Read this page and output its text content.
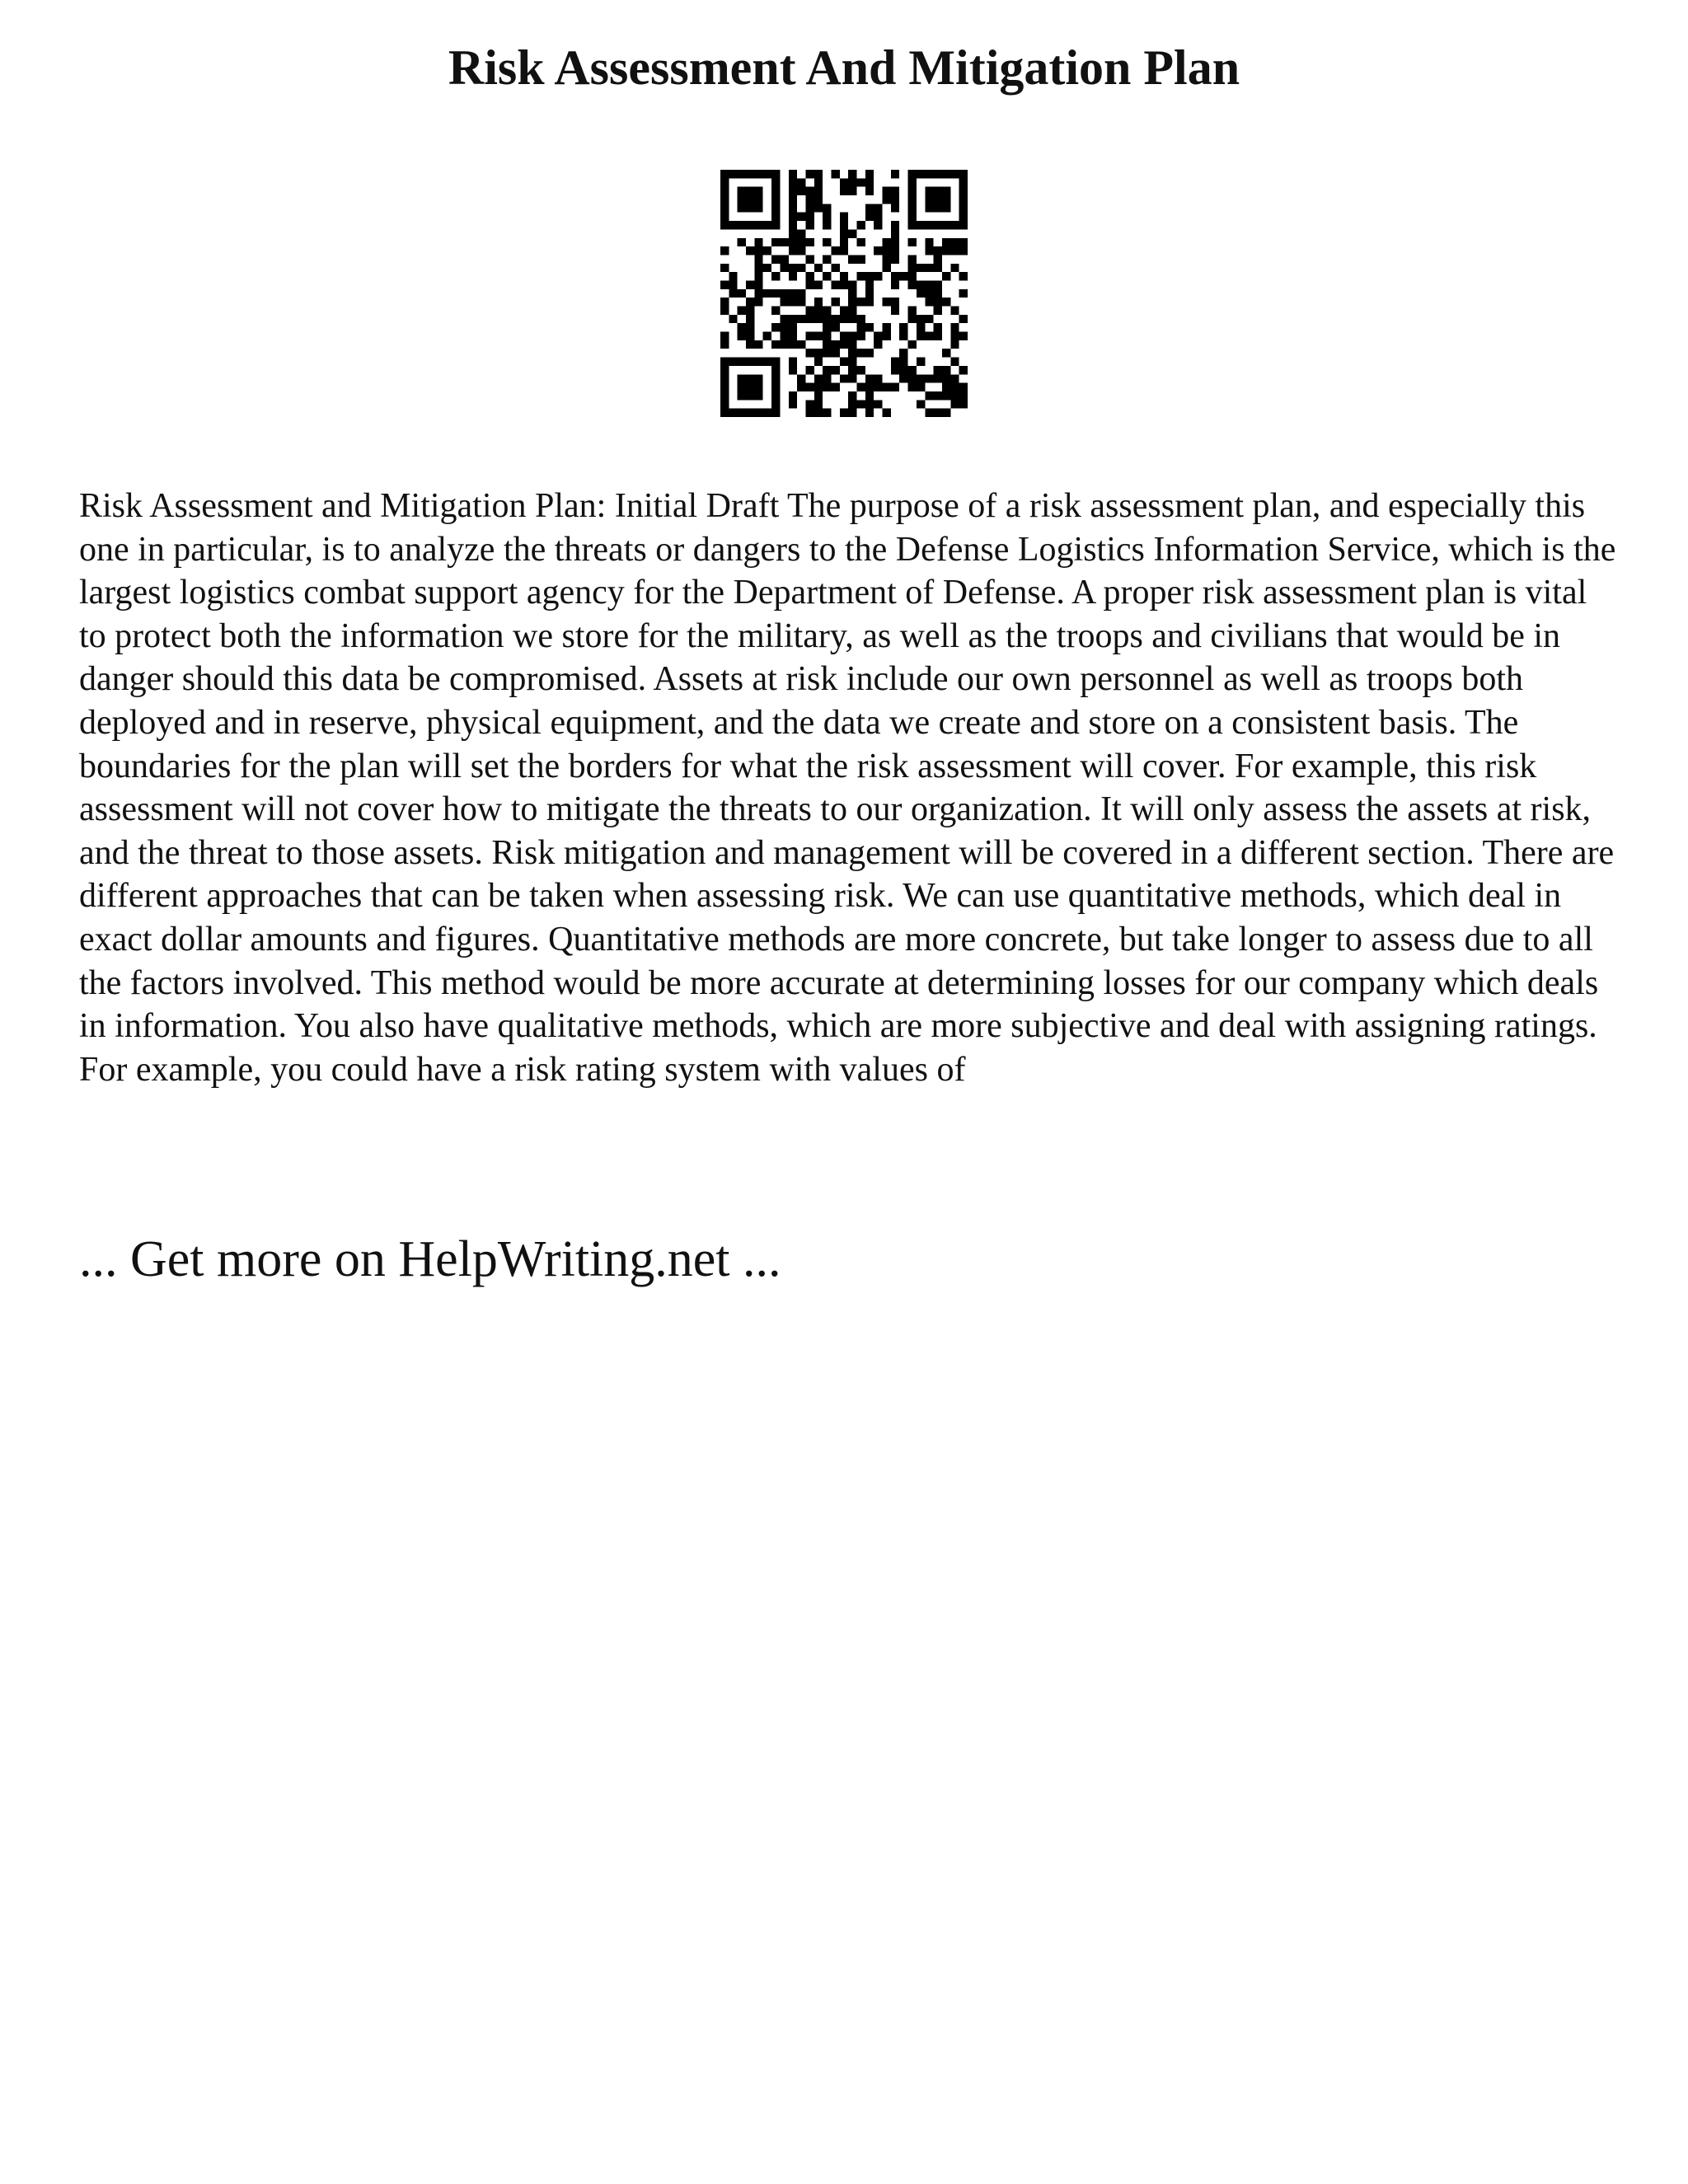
Risk Assessment And Mitigation Plan

Risk Assessment and Mitigation Plan: Initial Draft The purpose of a risk assessment plan, and especially this one in particular, is to analyze the threats or dangers to the Defense Logistics Information Service, which is the largest logistics combat support agency for the Department of Defense. A proper risk assessment plan is vital to protect both the information we store for the military, as well as the troops and civilians that would be in danger should this data be compromised. Assets at risk include our own personnel as well as troops both deployed and in reserve, physical equipment, and the data we create and store on a consistent basis. The boundaries for the plan will set the borders for what the risk assessment will cover. For example, this risk assessment will not cover how to mitigate the threats to our organization. It will only assess the assets at risk, and the threat to those assets. Risk mitigation and management will be covered in a different section. There are different approaches that can be taken when assessing risk. We can use quantitative methods, which deal in exact dollar amounts and figures. Quantitative methods are more concrete, but take longer to assess due to all the factors involved. This method would be more accurate at determining losses for our company which deals in information. You also have qualitative methods, which are more subjective and deal with assigning ratings. For example, you could have a risk rating system with values of

... Get more on HelpWriting.net ...
